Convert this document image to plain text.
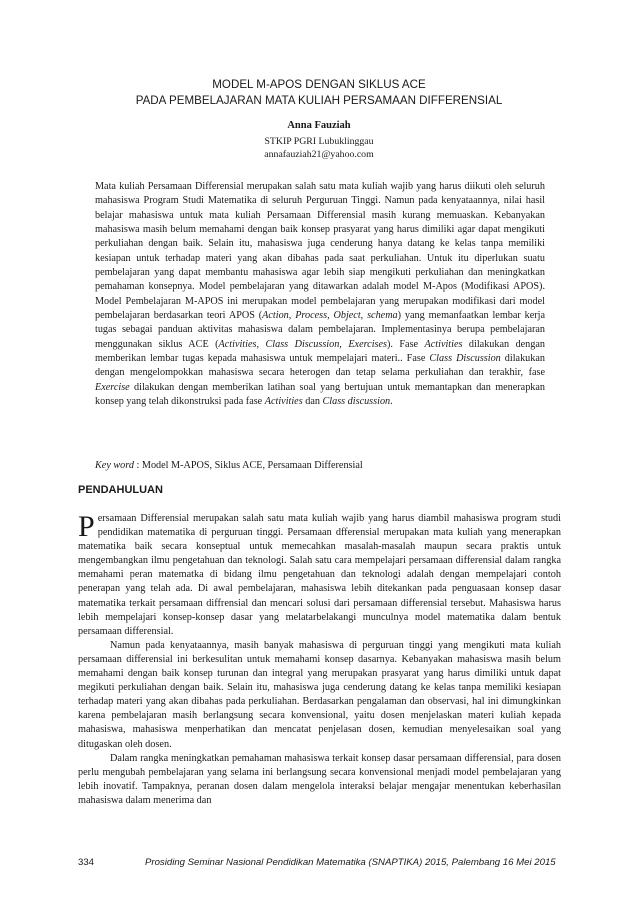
MODEL M-APOS DENGAN SIKLUS ACE
PADA PEMBELAJARAN MATA KULIAH PERSAMAAN DIFFERENSIAL
Anna Fauziah
STKIP PGRI Lubuklinggau
annafauziah21@yahoo.com

Mata kuliah Persamaan Differensial merupakan salah satu mata kuliah wajib yang harus diikuti oleh seluruh mahasiswa Program Studi Matematika di seluruh Perguruan Tinggi. Namun pada kenyataannya, nilai hasil belajar mahasiswa untuk mata kuliah Persamaan Differensial masih kurang memuaskan. Kebanyakan mahasiswa masih belum memahami dengan baik konsep prasyarat yang harus dimiliki agar dapat mengikuti perkuliahan dengan baik. Selain itu, mahasiswa juga cenderung hanya datang ke kelas tanpa memiliki kesiapan untuk terhadap materi yang akan dibahas pada saat perkuliahan. Untuk itu diperlukan suatu pembelajaran yang dapat membantu mahasiswa agar lebih siap mengikuti perkuliahan dan meningkatkan pemahaman konsepnya. Model pembelajaran yang ditawarkan adalah model M-Apos (Modifikasi APOS). Model Pembelajaran M-APOS ini merupakan model pembelajaran yang merupakan modifikasi dari model pembelajaran berdasarkan teori APOS (Action, Process, Object, schema) yang memanfaatkan lembar kerja tugas sebagai panduan aktivitas mahasiswa dalam pembelajaran. Implementasinya berupa pembelajaran menggunakan siklus ACE (Activities, Class Discussion, Exercises). Fase Activities dilakukan dengan memberikan lembar tugas kepada mahasiswa untuk mempelajari materi.. Fase Class Discussion dilakukan dengan mengelompokkan mahasiswa secara heterogen dan tetap selama perkuliahan dan terakhir, fase Exercise dilakukan dengan memberikan latihan soal yang bertujuan untuk memantapkan dan menerapkan konsep yang telah dikonstruksi pada fase Activities dan Class discussion.

Key word : Model M-APOS, Siklus ACE, Persamaan Differensial
PENDAHULUAN

Persamaan Differensial merupakan salah satu mata kuliah wajib yang harus diambil mahasiswa program studi pendidikan matematika di perguruan tinggi. Persamaan dfferensial merupakan mata kuliah yang menerapkan matematika baik secara konseptual untuk memecahkan masalah-masalah maupun secara praktis untuk mengembangkan ilmu pengetahuan dan teknologi. Salah satu cara mempelajari persamaan differensial dalam rangka memahami peran matematka di bidang ilmu pengetahuan dan teknologi adalah dengan mempelajari contoh penerapan yang telah ada. Di awal pembelajaran, mahasiswa lebih ditekankan pada penguasaan konsep dasar matematika terkait persamaan diffrensial dan mencari solusi dari persamaan differensial tersebut. Mahasiswa harus lebih mempelajari konsep-konsep dasar yang melatarbelakangi munculnya model matematika dalam bentuk persamaan differensial.

Namun pada kenyataannya, masih banyak mahasiswa di perguruan tinggi yang mengikuti mata kuliah persamaan differensial ini berkesulitan untuk memahami konsep dasarnya. Kebanyakan mahasiswa masih belum memahami dengan baik konsep turunan dan integral yang merupakan prasyarat yang harus dimiliki untuk dapat megikuti perkuliahan dengan baik. Selain itu, mahasiswa juga cenderung datang ke kelas tanpa memiliki kesiapan terhadap materi yang akan dibahas pada perkuliahan. Berdasarkan pengalaman dan observasi, hal ini dimungkinkan karena pembelajaran masih berlangsung secara konvensional, yaitu dosen menjelaskan materi kuliah kepada mahasiswa, mahasiswa menperhatikan dan mencatat penjelasan dosen, kemudian menyelesaikan soal yang ditugaskan oleh dosen.

Dalam rangka meningkatkan pemahaman mahasiswa terkait konsep dasar persamaan differensial, para dosen perlu mengubah pembelajaran yang selama ini berlangsung secara konvensional menjadi model pembelajaran yang lebih inovatif. Tampaknya, peranan dosen dalam mengelola interaksi belajar mengajar menentukan keberhasilan mahasiswa dalam menerima dan

334	Prosiding Seminar Nasional Pendidikan Matematika (SNAPTIKA) 2015, Palembang 16 Mei 2015
